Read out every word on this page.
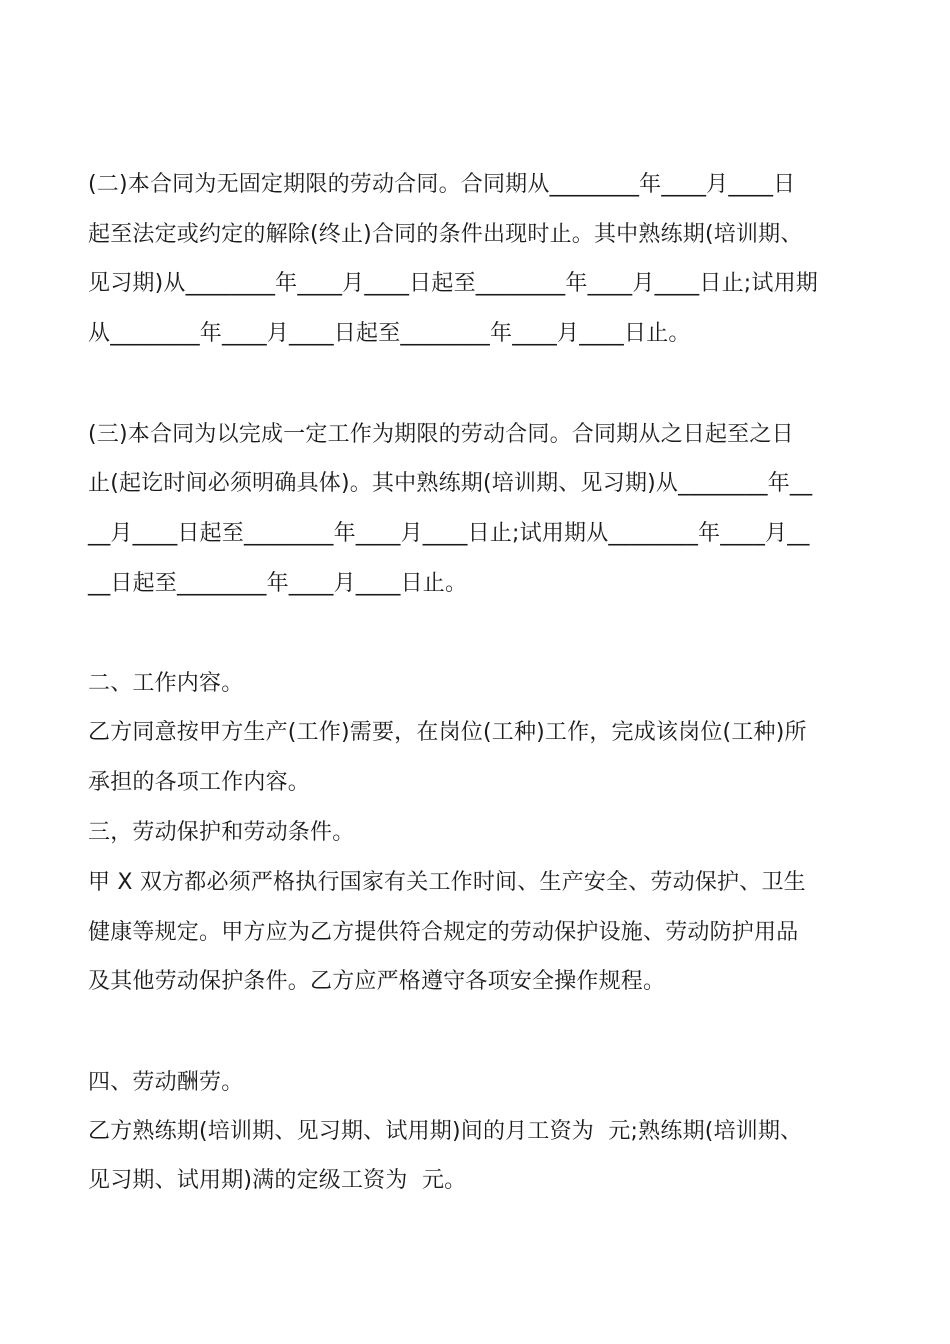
(二)本合同为无固定期限的劳动合同。合同期从________年____月____日
起至法定或约定的解除(终止)合同的条件出现时止。其中熟练期(培训期、
见习期)从________年____月____日起至________年____月____日止;试用期
从________年____月____日起至________年____月____日止。
(三)本合同为以完成一定工作为期限的劳动合同。合同期从之日起至之日
止(起讫时间必须明确具体)。其中熟练期(培训期、见习期)从________年__
__月____日起至________年____月____日止;试用期从________年____月__
__日起至________年____月____日止。
二、工作内容。
乙方同意按甲方生产(工作)需要，在岗位(工种)工作，完成该岗位(工种)所
承担的各项工作内容。
三，劳动保护和劳动条件。
甲 X 双方都必须严格执行国家有关工作时间、生产安全、劳动保护、卫生
健康等规定。甲方应为乙方提供符合规定的劳动保护设施、劳动防护用品
及其他劳动保护条件。乙方应严格遵守各项安全操作规程。
四、劳动酬劳。
乙方熟练期(培训期、见习期、试用期)间的月工资为  元;熟练期(培训期、
见习期、试用期)满的定级工资为  元。
